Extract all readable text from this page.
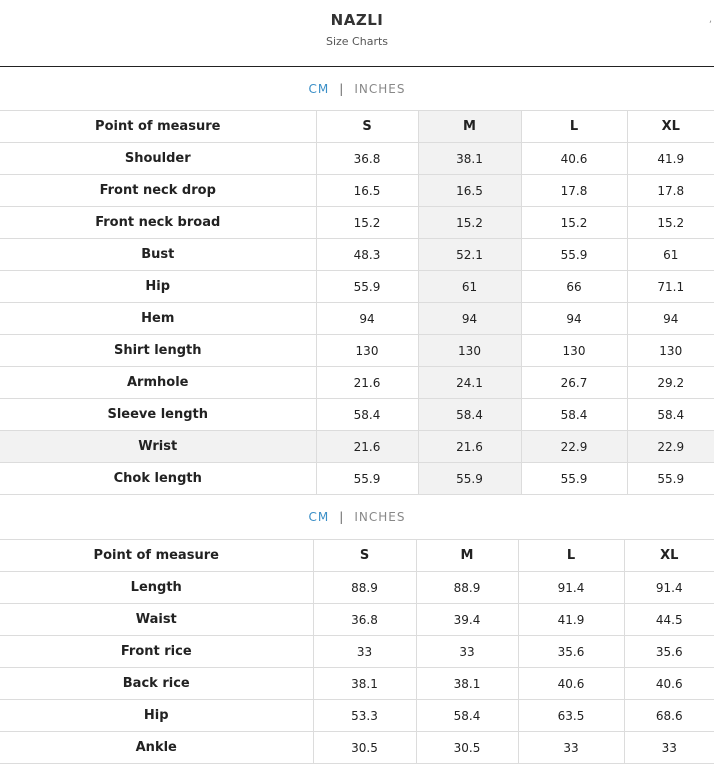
NAZLI
Size Charts
,
CM | INCHES
Point of measure	S	M	L	XL
Shoulder	36.8	38.1	40.6	41.9
Front neck drop	16.5	16.5	17.8	17.8
Front neck broad	15.2	15.2	15.2	15.2
Bust	48.3	52.1	55.9	61
Hip	55.9	61	66	71.1
Hem	94	94	94	94
Shirt length	130	130	130	130
Armhole	21.6	24.1	26.7	29.2
Sleeve length	58.4	58.4	58.4	58.4
Wrist	21.6	21.6	22.9	22.9
Chok length	55.9	55.9	55.9	55.9
CM | INCHES
Point of measure	S	M	L	XL
Length	88.9	88.9	91.4	91.4
Waist	36.8	39.4	41.9	44.5
Front rice	33	33	35.6	35.6
Back rice	38.1	38.1	40.6	40.6
Hip	53.3	58.4	63.5	68.6
Ankle	30.5	30.5	33	33
